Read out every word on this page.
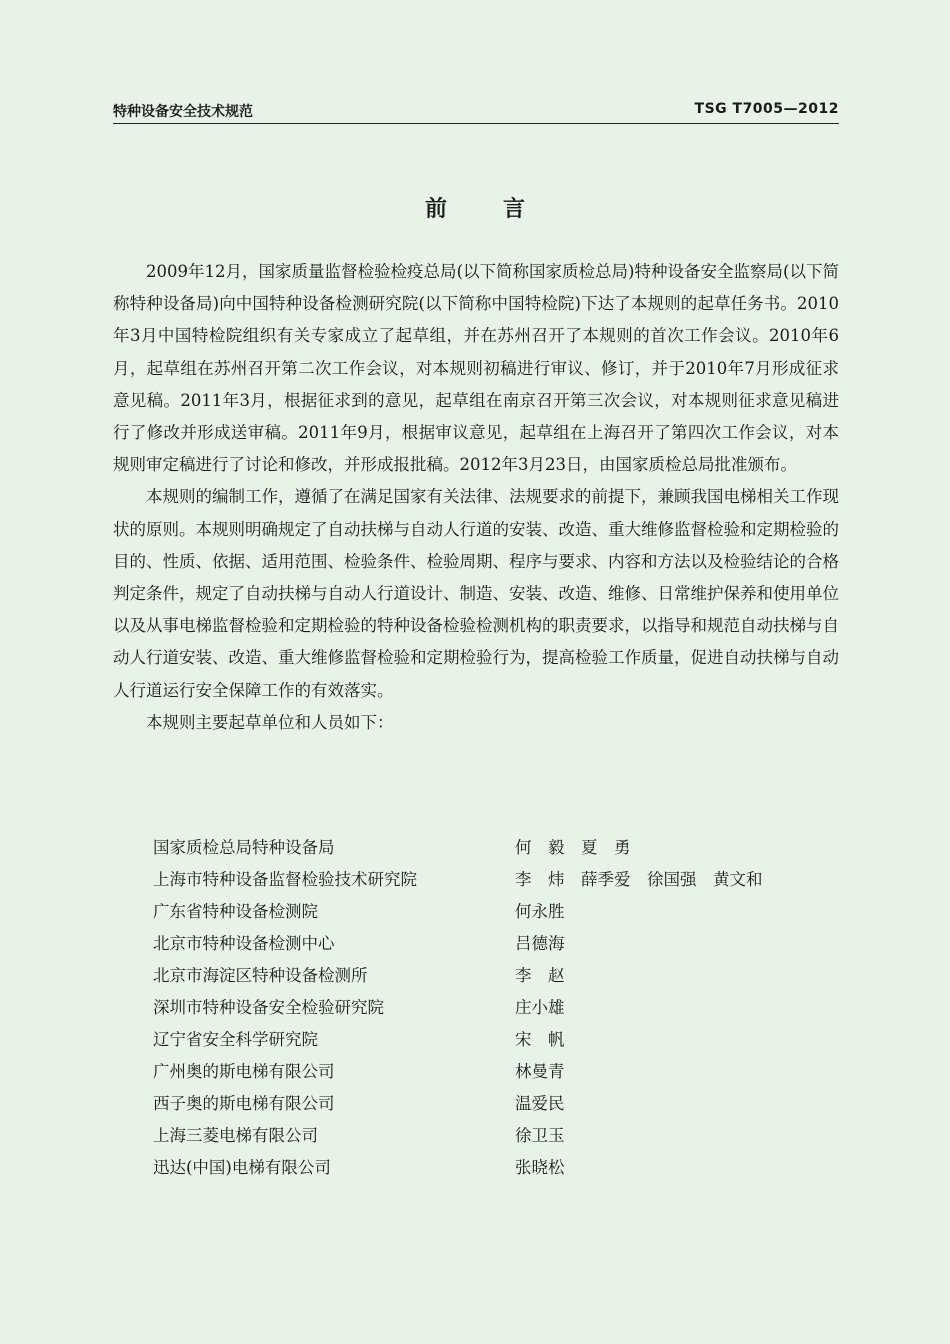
特种设备安全技术规范	TSG T7005—2012
前言

2009年12月，国家质量监督检验检疫总局(以下简称国家质检总局)特种设备安全监察局(以下简称特种设备局)向中国特种设备检测研究院(以下简称中国特检院)下达了本规则的起草任务书。2010年3月中国特检院组织有关专家成立了起草组，并在苏州召开了本规则的首次工作会议。2010年6月，起草组在苏州召开第二次工作会议，对本规则初稿进行审议、修订，并于2010年7月形成征求意见稿。2011年3月，根据征求到的意见，起草组在南京召开第三次会议，对本规则征求意见稿进行了修改并形成送审稿。2011年9月，根据审议意见，起草组在上海召开了第四次工作会议，对本规则审定稿进行了讨论和修改，并形成报批稿。2012年3月23日，由国家质检总局批准颁布。

本规则的编制工作，遵循了在满足国家有关法律、法规要求的前提下，兼顾我国电梯相关工作现状的原则。本规则明确规定了自动扶梯与自动人行道的安装、改造、重大维修监督检验和定期检验的目的、性质、依据、适用范围、检验条件、检验周期、程序与要求、内容和方法以及检验结论的合格判定条件，规定了自动扶梯与自动人行道设计、制造、安装、改造、维修、日常维护保养和使用单位以及从事电梯监督检验和定期检验的特种设备检验检测机构的职责要求，以指导和规范自动扶梯与自动人行道安装、改造、重大维修监督检验和定期检验行为，提高检验工作质量，促进自动扶梯与自动人行道运行安全保障工作的有效落实。

本规则主要起草单位和人员如下：

国家质检总局特种设备局	何　毅　夏　勇
上海市特种设备监督检验技术研究院	李　炜　薛季爱　徐国强　黄文和
广东省特种设备检测院	何永胜
北京市特种设备检测中心	吕德海
北京市海淀区特种设备检测所	李　赵
深圳市特种设备安全检验研究院	庄小雄
辽宁省安全科学研究院	宋　帆
广州奥的斯电梯有限公司	林曼青
西子奥的斯电梯有限公司	温爱民
上海三菱电梯有限公司	徐卫玉
迅达(中国)电梯有限公司	张晓松
